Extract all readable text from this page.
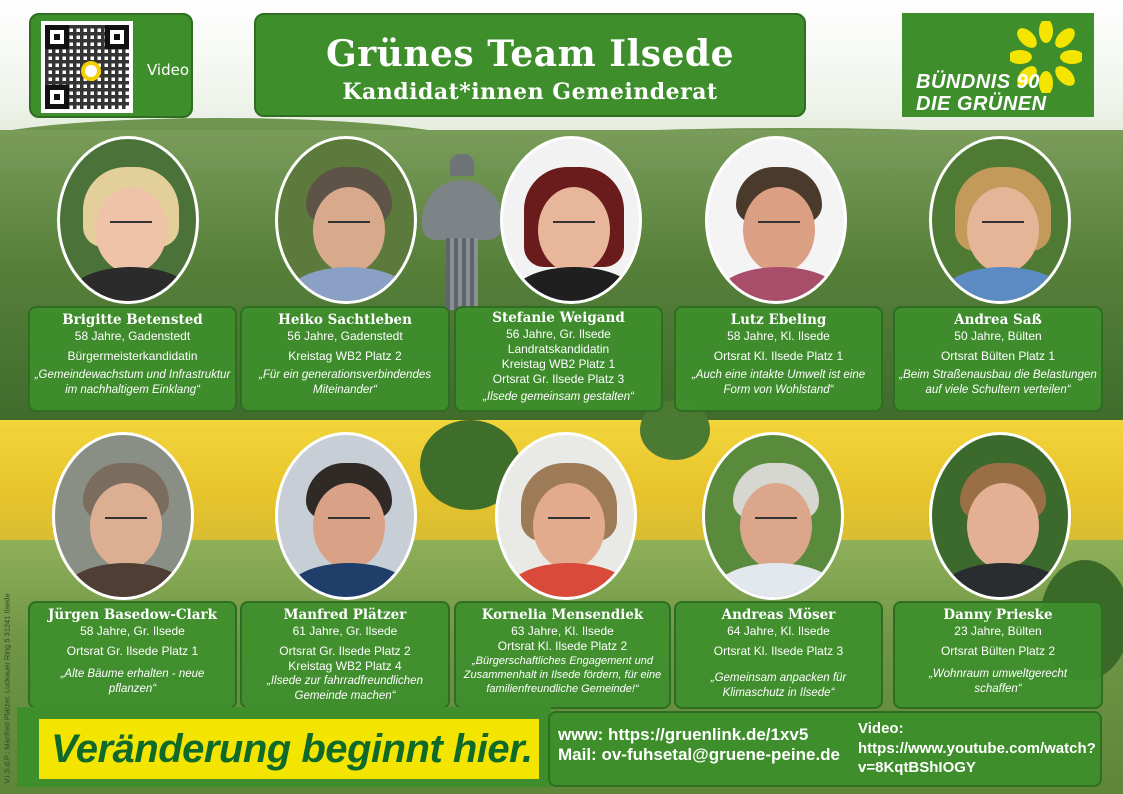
Video	Grünes Team Ilsede
Kandidat*innen Gemeinderat	BÜNDNIS 90
DIE GRÜNEN
Brigitte Betensted
58 Jahre, Gadenstedt
Bürgermeisterkandidatin
„Gemeindewachstum und Infrastruktur im nachhaltigem Einklang“
Heiko Sachtleben
56 Jahre, Gadenstedt
Kreistag WB2 Platz 2
„Für ein generationsverbindendes Miteinander“
Stefanie Weigand
56 Jahre, Gr. Ilsede
Landratskandidatin
Kreistag WB2 Platz 1
Ortsrat Gr. Ilsede Platz 3
„Ilsede gemeinsam gestalten“
Lutz Ebeling
58 Jahre, Kl. Ilsede
Ortsrat Kl. Ilsede Platz 1
„Auch eine intakte Umwelt ist eine Form von Wohlstand“
Andrea Saß
50 Jahre, Bülten
Ortsrat Bülten Platz 1
„Beim Straßenausbau die Belastungen auf viele Schultern verteilen“
Jürgen Basedow-Clark
58 Jahre, Gr. Ilsede
Ortsrat Gr. Ilsede Platz 1
„Alte Bäume erhalten - neue pflanzen“
Manfred Plätzer
61 Jahre, Gr. Ilsede
Ortsrat Gr. Ilsede Platz 2
Kreistag WB2 Platz 4
„Ilsede zur fahrradfreundlichen Gemeinde machen“
Kornelia Mensendiek
63 Jahre, Kl. Ilsede
Ortsrat Kl. Ilsede Platz 2
„Bürgerschaftliches Engagement und Zusammenhalt in Ilsede fördern, für eine familienfreundliche Gemeinde!“
Andreas Möser
64 Jahre, Kl. Ilsede
Ortsrat Kl. Ilsede Platz 3
„Gemeinsam anpacken für Klimaschutz in Ilsede“
Danny Prieske
23 Jahre, Bülten
Ortsrat Bülten Platz 2
„Wohnraum umweltgerecht schaffen“
Veränderung beginnt hier.	www: https://gruenlink.de/1xv5
Mail: ov-fuhsetal@gruene-peine.de
Video:
https://www.youtube.com/watch?
v=8KqtBShIOGY
V.i.S.d.P.: Manfred Plätzer, Luckauer Ring 5 31241 Ilsede
